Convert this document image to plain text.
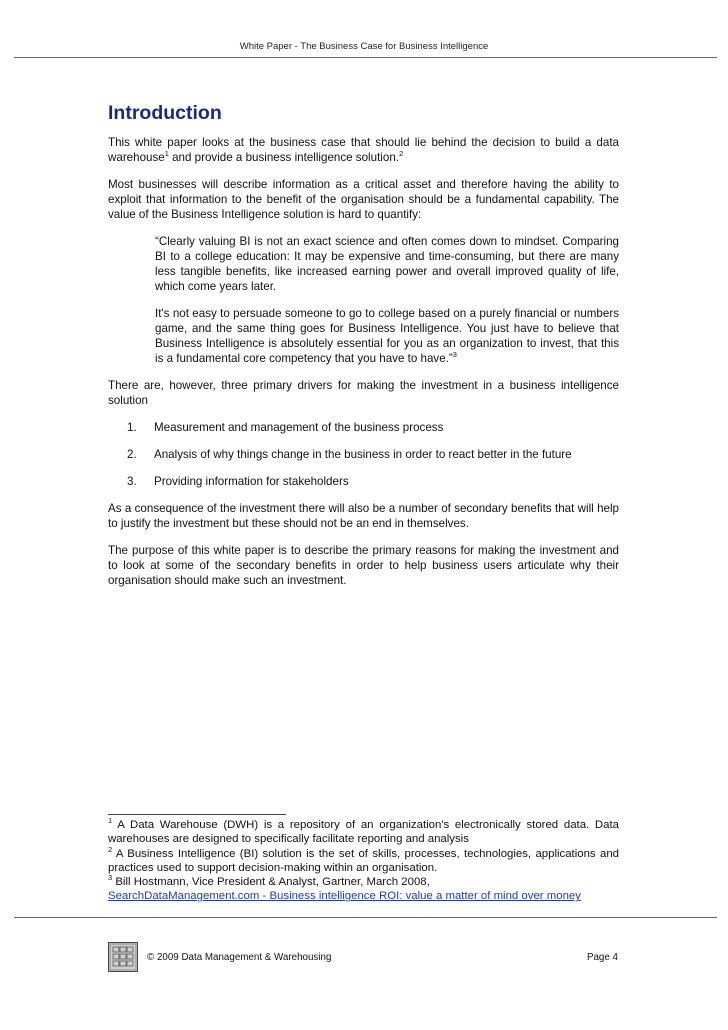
White Paper - The Business Case for Business Intelligence
Introduction

This white paper looks at the business case that should lie behind the decision to build a data warehouse$^1$ and provide a business intelligence solution.$^2$

Most businesses will describe information as a critical asset and therefore having the ability to exploit that information to the benefit of the organisation should be a fundamental capability. The value of the Business Intelligence solution is hard to quantify:

“Clearly valuing BI is not an exact science and often comes down to mindset. Comparing BI to a college education: It may be expensive and time-consuming, but there are many less tangible benefits, like increased earning power and overall improved quality of life, which come years later.

It's not easy to persuade someone to go to college based on a purely financial or numbers game, and the same thing goes for Business Intelligence. You just have to believe that Business Intelligence is absolutely essential for you as an organization to invest, that this is a fundamental core competency that you have to have.”$^3$

There are, however, three primary drivers for making the investment in a business intelligence solution

1. Measurement and management of the business process
2. Analysis of why things change in the business in order to react better in the future
3. Providing information for stakeholders

As a consequence of the investment there will also be a number of secondary benefits that will help to justify the investment but these should not be an end in themselves.

The purpose of this white paper is to describe the primary reasons for making the investment and to look at some of the secondary benefits in order to help business users articulate why their organisation should make such an investment.

$^1$ A Data Warehouse (DWH) is a repository of an organization's electronically stored data. Data warehouses are designed to specifically facilitate reporting and analysis

$^2$ A Business Intelligence (BI) solution is the set of skills, processes, technologies, applications and practices used to support decision-making within an organisation.

$^3$ Bill Hostmann, Vice President & Analyst, Gartner, March 2008,
SearchDataManagement.com - Business intelligence ROI: value a matter of mind over money

© 2009 Data Management & Warehousing	Page 4
